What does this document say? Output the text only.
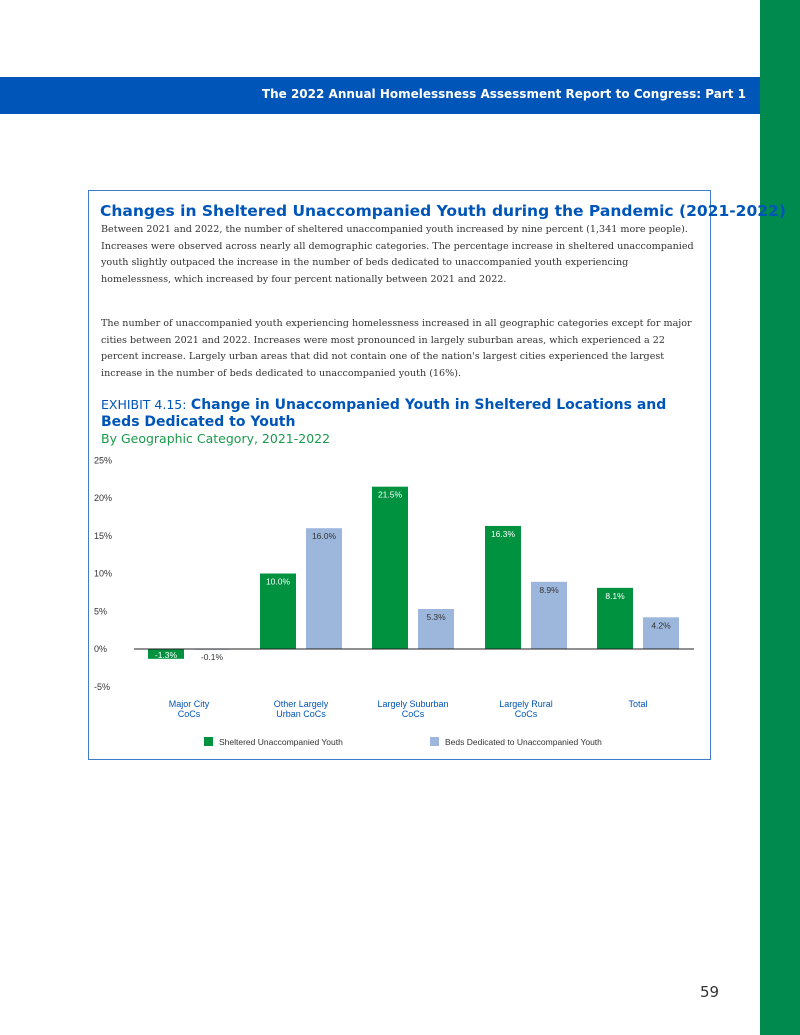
The 2022 Annual Homelessness Assessment Report to Congress: Part 1
Changes in Sheltered Unaccompanied Youth during the Pandemic (2021-2022)

Between 2021 and 2022, the number of sheltered unaccompanied youth increased by nine percent (1,341 more people). Increases were observed across nearly all demographic categories. The percentage increase in sheltered unaccompanied youth slightly outpaced the increase in the number of beds dedicated to unaccompanied youth experiencing homelessness, which increased by four percent nationally between 2021 and 2022.

The number of unaccompanied youth experiencing homelessness increased in all geographic categories except for major cities between 2021 and 2022. Increases were most pronounced in largely suburban areas, which experienced a 22 percent increase. Largely urban areas that did not contain one of the nation's largest cities experienced the largest increase in the number of beds dedicated to unaccompanied youth (16%).

EXHIBIT 4.15: Change in Unaccompanied Youth in Sheltered Locations and Beds Dedicated to Youth
By Geographic Category, 2021-2022
25%
20%
15%
10%
5%
0%
-5%
-1.3%	-0.1%
Major City
CoCs
10.0%
16.0%
Other Largely
Urban CoCs
21.5%
5.3%
Largely Suburban
CoCs
16.3%
8.9%
Largely Rural
CoCs
8.1%
4.2%
Total
Sheltered Unaccompanied Youth	Beds Dedicated to Unaccompanied Youth
59
